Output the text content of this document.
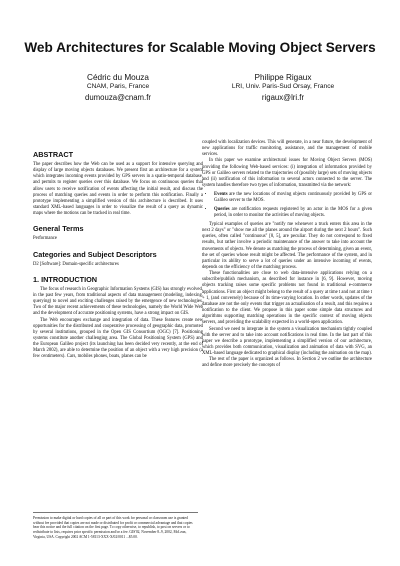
Web Architectures for Scalable Moving Object Servers
Cédric du Mouza
CNAM, Paris, France
dumouza@cnam.fr
Philippe Rigaux
LRI, Univ. Paris-Sud Orsay, France
rigaux@lri.fr
ABSTRACT

The paper describes how the Web can be used as a support for intensive querying and display of large moving objects databases. We present first an architecture for a system which integrates incoming events provided by GPS servers in a spatio-temporal database, and permits to register queries over this database. We focus on continuous queries that allow users to receive notification of events affecting the initial result, and discuss the process of matching queries and events in order to perform this notification. Finally a prototype implementing a simplified version of this architecture is described. It uses standard XML-based languages in order to visualize the result of a query as dynamic maps where the motions can be tracked in real time.

General Terms
Performance
Categories and Subject Descriptors
D2 [Software]: Domain-specific architectures
1. INTRODUCTION

The focus of research in Geographic Information Systems (GIS) has strongly evolved, in the past few years, from traditional aspects of data management (modeling, indexing, querying) to novel and exciting challenges raised by the emergence of new technologies. Two of the major recent achievements of these technologies, namely the World Wide Web and the development of accurate positioning systems, have a strong impact on GIS.

The Web encourages exchange and integration of data. These features create new opportunities for the distributed and cooperative processing of geographic data, promoted by several institutions, grouped in the Open GIS Consortium (OGC) [7]. Positioning systems constitute another challenging area. The Global Positioning System (GPS) and the European Galileo project (its launching has been decided very recently, at the end of March 2002), are able to determine the position of an object with a very high precision (a few centimeters). Cars, mobiles phones, boats, planes can be

Permission to make digital or hard copies of all or part of this work for personal or classroom use is granted without fee provided that copies are not made or distributed for profit or commercial advantage and that copies bear this notice and the full citation on the first page. To copy otherwise, to republish, to post on servers or to redistribute to lists, requires prior specific permission and/or a fee. GIS'02, November 8–9, 2002, McLean, Virginia, USA. Copyright 2002 ACM 1-58113-XXX-X/02/0011 ...$5.00.

coupled with localization devices. This will generate, in a near future, the development of new applications for traffic monitoring, assistance, and the management of mobile services.

In this paper we examine architectural issues for Moving Object Servers (MOS) providing the following Web-based services: (i) integration of information provided by GPS or Galileo servers related to the trajectories of (possibly large) sets of moving objects and (ii) notification of this information to several actors connected to the server. The system handles therefore two types of information, transmitted via the network:

• Events are the new locations of moving objects continuously provided by GPS or Galileo server to the MOS.
• Queries are notification requests registered by an actor in the MOS for a given period, in order to monitor the activities of moving objects.

Typical examples of queries are "notify me whenever a truck enters this area in the next 2 days" or "show me all the planes around the airport during the next 2 hours". Such queries, often called "continuous" [8, 5], are peculiar. They do not correspond to fixed results, but rather involve a periodic maintenance of the answer to take into account the movements of objects. We denote as matching the process of determining, given an event, the set of queries whose result might be affected. The performance of the system, and in particular its ability to serve a lot of queries under an intensive incoming of events, depends on the efficiency of the matching process.

These functionalities are close to web data-intensive applications relying on a subscribe/publish mechanism, as described for instance in [6, 9]. However, moving objects tracking raises some specific problems not found in traditional e-commerce applications. First an object might belong to the result of a query at time t and not at time t + 1, (and conversely) because of its time-varying location. In other words, updates of the database are not the only events that trigger an actualisation of a result, and this requires a notification to the client. We propose in this paper some simple data structures and algorithms supporting matching operations in the specific context of moving objects servers, and providing the scalability expected in a world-open application.

Second we need to integrate in the system a visualization mechanism tightly coupled with the server and to take into account notifications in real time. In the last part of this paper we describe a prototype, implementing a simplified version of our architecture, which provides both communication, visualization and animation of data with SVG, an XML-based language dedicated to graphical display (including the animation on the map).

The rest of the paper is organized as follows. In Section 2 we outline the architecture and define more precisely the concepts of
